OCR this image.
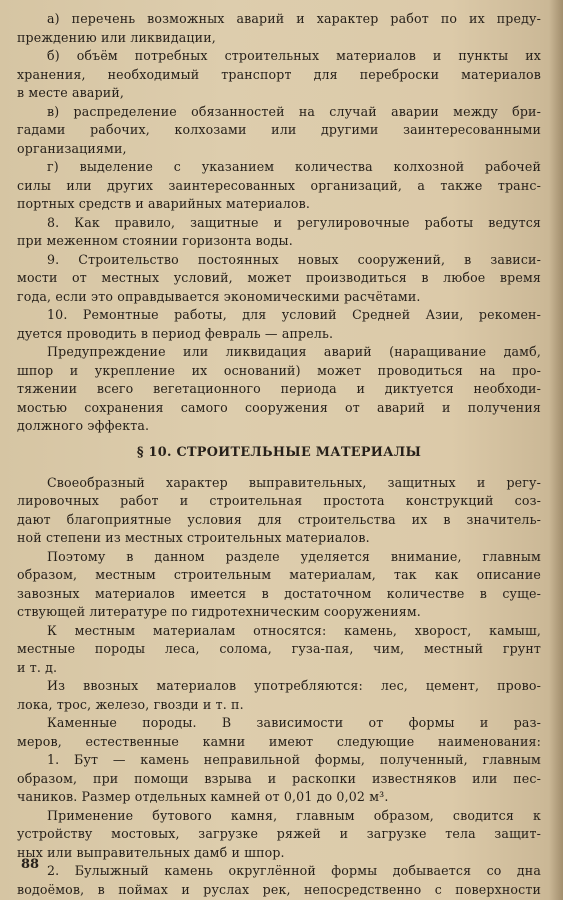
а) перечень возможных аварий и характер работ по их преду-
преждению или ликвидации,
б) объём потребных строительных материалов и пункты их
хранения, необходимый транспорт для переброски материалов
в месте аварий,
в) распределение обязанностей на случай аварии между бри-
гадами рабочих, колхозами или другими заинтересованными
организациями,
г) выделение с указанием количества колхозной рабочей
силы или других заинтересованных организаций, а также транс-
портных средств и аварийных материалов.
8. Как правило, защитные и регулировочные работы ведутся
при меженном стоянии горизонта воды.
9. Строительство постоянных новых сооружений, в зависи-
мости от местных условий, может производиться в любое время
года, если это оправдывается экономическими расчётами.
10. Ремонтные работы, для условий Средней Азии, рекомен-
дуется проводить в период февраль — апрель.
Предупреждение или ликвидация аварий (наращивание дамб,
шпор и укрепление их оснований) может проводиться на про-
тяжении всего вегетационного периода и диктуется необходи-
мостью сохранения самого сооружения от аварий и получения
должного эффекта.
§ 10. СТРОИТЕЛЬНЫЕ МАТЕРИАЛЫ
Своеобразный характер выправительных, защитных и регу-
лировочных работ и строительная простота конструкций соз-
дают благоприятные условия для строительства их в значитель-
ной степени из местных строительных материалов.
Поэтому в данном разделе уделяется внимание, главным
образом, местным строительным материалам, так как описание
завозных материалов имеется в достаточном количестве в суще-
ствующей литературе по гидротехническим сооружениям.
К местным материалам относятся: камень, хворост, камыш,
местные породы леса, солома, гуза-пая, чим, местный грунт
и т. д.
Из ввозных материалов употребляются: лес, цемент, прово-
лока, трос, железо, гвозди и т. п.
Каменные породы. В зависимости от формы и раз-
меров, естественные камни имеют следующие наименования:
1. Бут — камень неправильной формы, полученный, главным
образом, при помощи взрыва и раскопки известняков или пес-
чаников. Размер отдельных камней от 0,01 до 0,02 м³.
Применение бутового камня, главным образом, сводится к
устройству мостовых, загрузке ряжей и загрузке тела защит-
ных или выправительных дамб и шпор.
2. Булыжный камень округлённой формы добывается со дна
водоёмов, в поймах и руслах рек, непосредственно с поверхности
88
